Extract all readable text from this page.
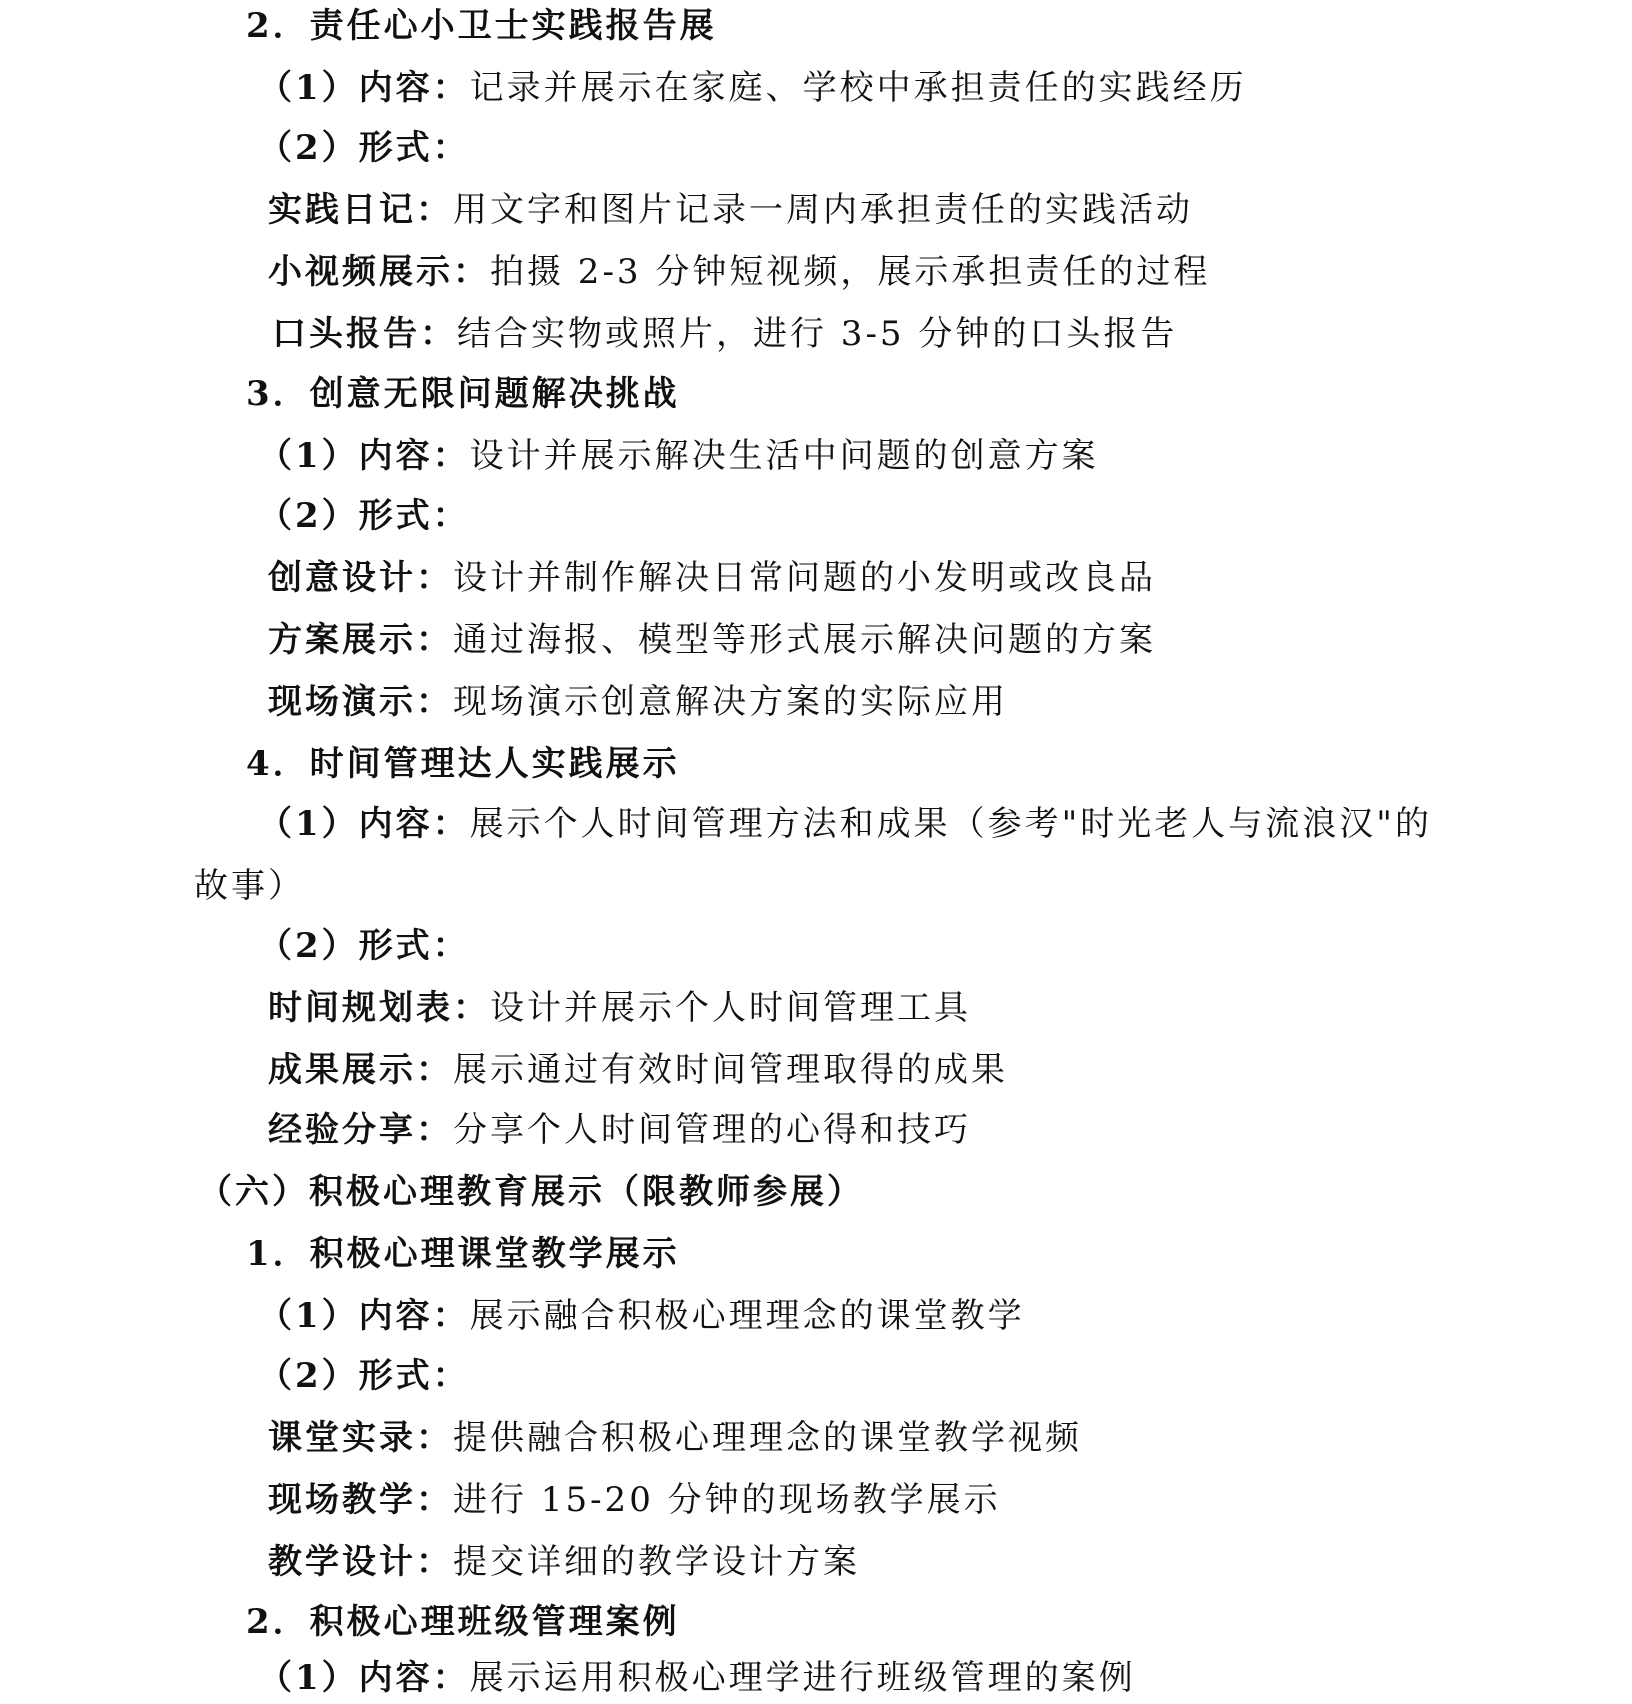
2．责任心小卫士实践报告展
（1）内容：记录并展示在家庭、学校中承担责任的实践经历
（2）形式：
实践日记：用文字和图片记录一周内承担责任的实践活动
小视频展示：拍摄 2-3 分钟短视频，展示承担责任的过程
口头报告：结合实物或照片，进行 3-5 分钟的口头报告
3．创意无限问题解决挑战
（1）内容：设计并展示解决生活中问题的创意方案
（2）形式：
创意设计：设计并制作解决日常问题的小发明或改良品
方案展示：通过海报、模型等形式展示解决问题的方案
现场演示：现场演示创意解决方案的实际应用
4．时间管理达人实践展示
（1）内容：展示个人时间管理方法和成果（参考"时光老人与流浪汉"的
故事）
（2）形式：
时间规划表：设计并展示个人时间管理工具
成果展示：展示通过有效时间管理取得的成果
经验分享：分享个人时间管理的心得和技巧
（六）积极心理教育展示（限教师参展）
1．积极心理课堂教学展示
（1）内容：展示融合积极心理理念的课堂教学
（2）形式：
课堂实录：提供融合积极心理理念的课堂教学视频
现场教学：进行 15-20 分钟的现场教学展示
教学设计：提交详细的教学设计方案
2．积极心理班级管理案例
（1）内容：展示运用积极心理学进行班级管理的案例
